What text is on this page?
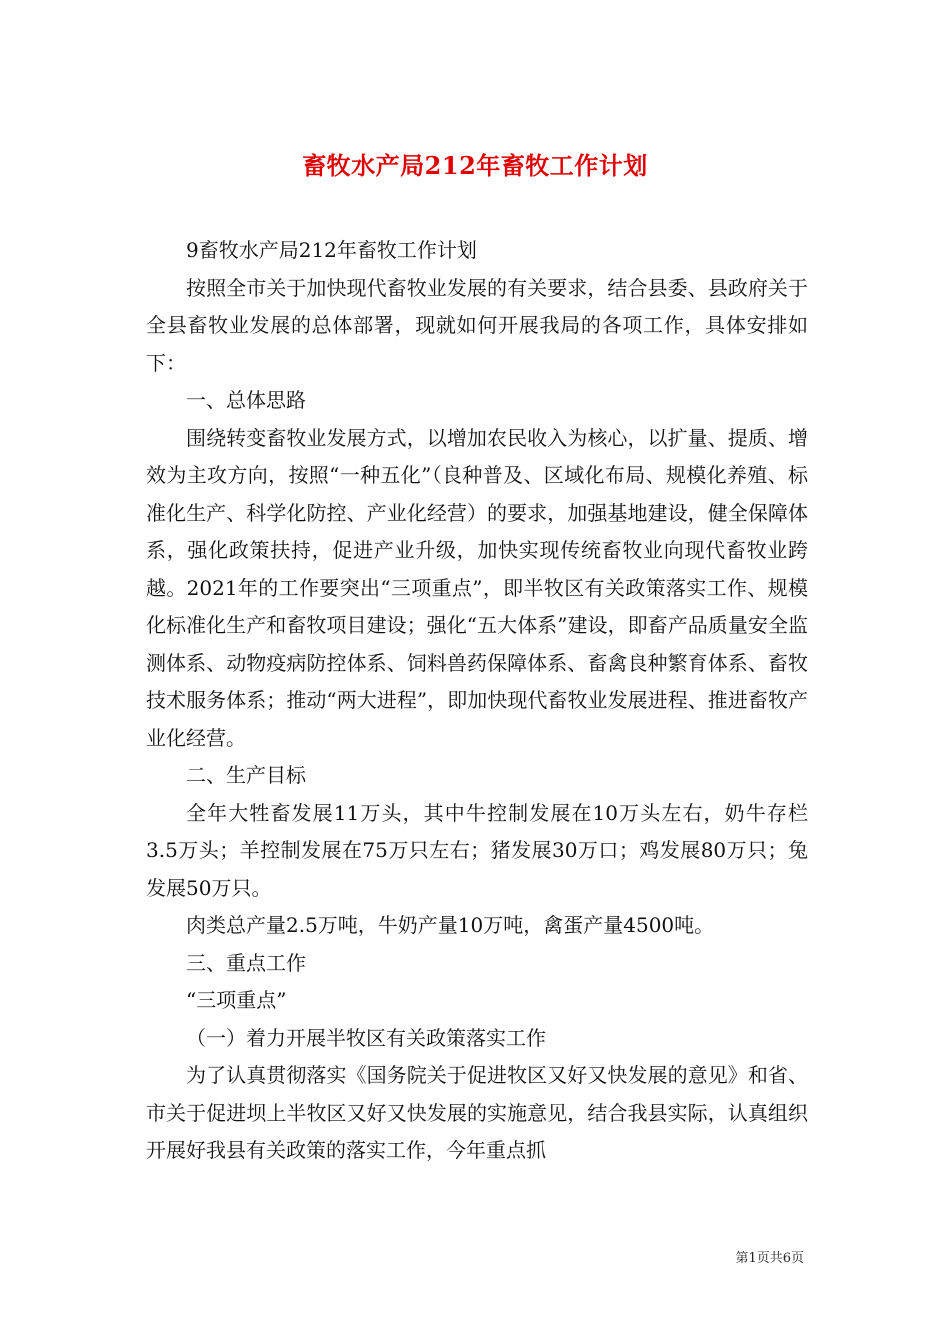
畜牧水产局212年畜牧工作计划

9畜牧水产局212年畜牧工作计划

按照全市关于加快现代畜牧业发展的有关要求，结合县委、县政府关于全县畜牧业发展的总体部署，现就如何开展我局的各项工作，具体安排如下：

一、总体思路

围绕转变畜牧业发展方式，以增加农民收入为核心，以扩量、提质、增效为主攻方向，按照“一种五化”（良种普及、区域化布局、规模化养殖、标准化生产、科学化防控、产业化经营）的要求，加强基地建设，健全保障体系，强化政策扶持，促进产业升级，加快实现传统畜牧业向现代畜牧业跨越。2021年的工作要突出“三项重点”，即半牧区有关政策落实工作、规模化标准化生产和畜牧项目建设；强化“五大体系”建设，即畜产品质量安全监测体系、动物疫病防控体系、饲料兽药保障体系、畜禽良种繁育体系、畜牧技术服务体系；推动“两大进程”，即加快现代畜牧业发展进程、推进畜牧产业化经营。

二、生产目标

全年大牲畜发展11万头，其中牛控制发展在10万头左右，奶牛存栏3.5万头；羊控制发展在75万只左右；猪发展30万口；鸡发展80万只；兔发展50万只。

肉类总产量2.5万吨，牛奶产量10万吨，禽蛋产量4500吨。

三、重点工作

“三项重点”

（一）着力开展半牧区有关政策落实工作

为了认真贯彻落实《国务院关于促进牧区又好又快发展的意见》和省、市关于促进坝上半牧区又好又快发展的实施意见，结合我县实际，认真组织开展好我县有关政策的落实工作，今年重点抓

第1页共6页
